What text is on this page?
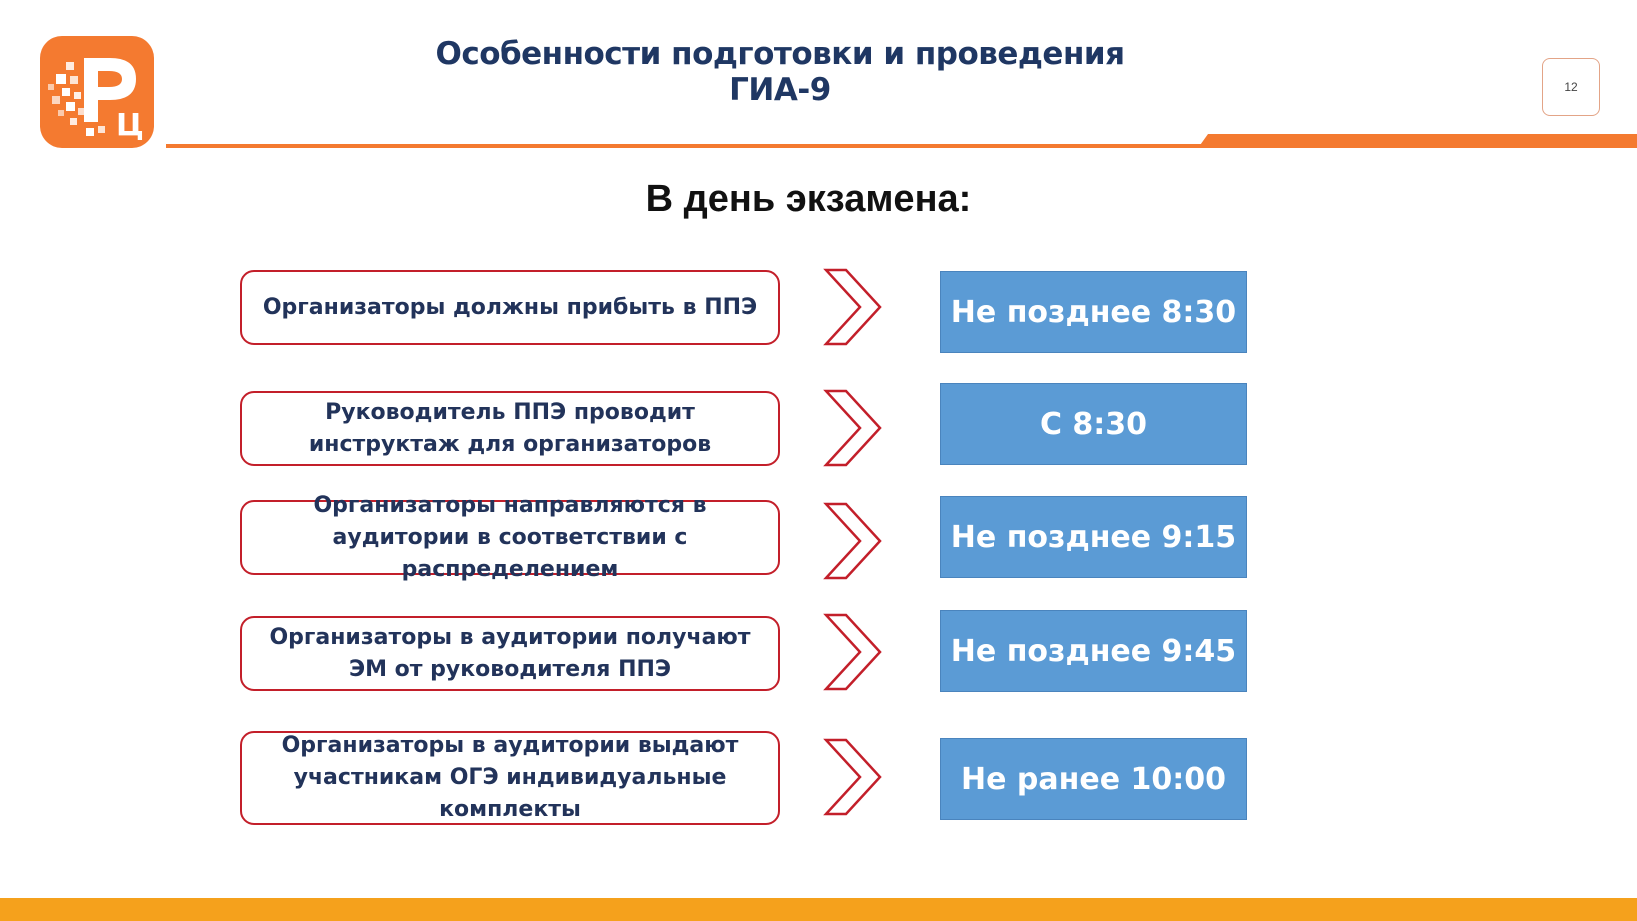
Ц
Особенности подготовки и проведения ГИА-9	12
В день экзамена:
Организаторы должны прибыть в ППЭ	Не позднее 8:30
Руководитель ППЭ проводит инструктаж для организаторов
С 8:30
Организаторы направляются в аудитории в соответствии с распределением
Не позднее 9:15
Организаторы в аудитории получают ЭМ от руководителя ППЭ
Не позднее 9:45
Организаторы в аудитории выдают участникам ОГЭ индивидуальные комплекты
Не ранее 10:00
